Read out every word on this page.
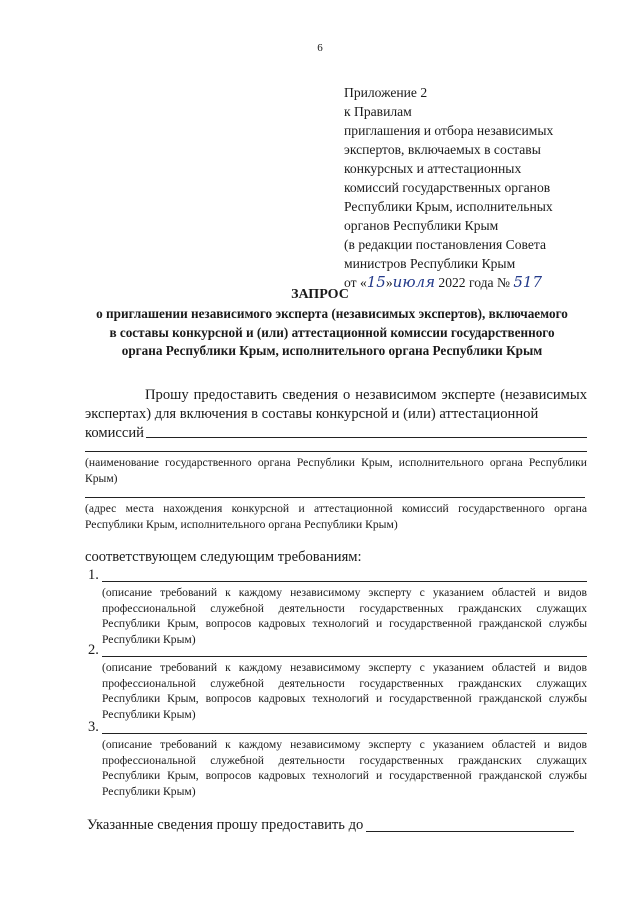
6
Приложение 2
к Правилам
приглашения и отбора независимых
экспертов, включаемых в составы
конкурсных и аттестационных
комиссий государственных органов
Республики Крым, исполнительных
органов Республики Крым
(в редакции постановления Совета
министров Республики Крым
от «15»июля 2022 года № 517
ЗАПРОС
о приглашении независимого эксперта (независимых экспертов), включаемого в составы конкурсной и (или) аттестационной комиссии государственного органа Республики Крым, исполнительного органа Республики Крым
Прошу предоставить сведения о независимом эксперте (независимых экспертах) для включения в составы конкурсной и (или) аттестационной
комиссий
(наименование государственного органа Республики Крым, исполнительного органа Республики Крым)
(адрес места нахождения конкурсной и аттестационной комиссий государственного органа Республики Крым, исполнительного органа Республики Крым)
соответствующем следующим требованиям:
1.
(описание требований к каждому независимому эксперту с указанием областей и видов профессиональной служебной деятельности государственных гражданских служащих Республики Крым, вопросов кадровых технологий и государственной гражданской службы Республики Крым)
2.
(описание требований к каждому независимому эксперту с указанием областей и видов профессиональной служебной деятельности государственных гражданских служащих Республики Крым, вопросов кадровых технологий и государственной гражданской службы Республики Крым)
3.
(описание требований к каждому независимому эксперту с указанием областей и видов профессиональной служебной деятельности государственных гражданских служащих Республики Крым, вопросов кадровых технологий и государственной гражданской службы Республики Крым)
Указанные сведения прошу предоставить до
